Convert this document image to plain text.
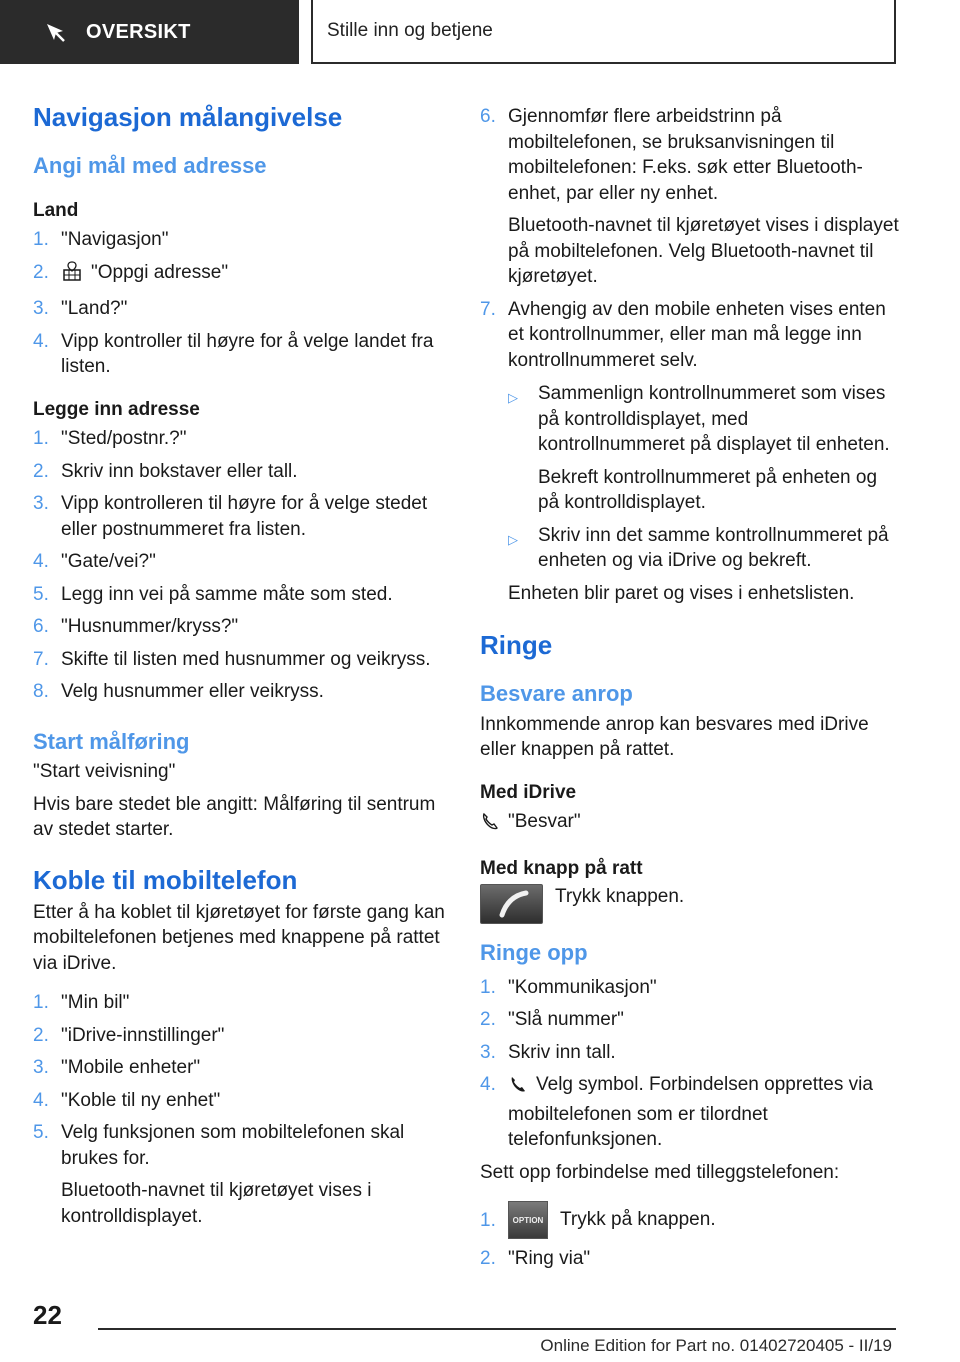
OVERSIKT	Stille inn og betjene
Navigasjon målangivelse
Angi mål med adresse
Land
1. "Navigasjon"
2.	"Oppgi adresse"
3. "Land?"
4. Vipp kontroller til høyre for å velge landet fra listen.
Legge inn adresse
1. "Sted/postnr.?"
2. Skriv inn bokstaver eller tall.
3. Vipp kontrolleren til høyre for å velge stedet eller postnummeret fra listen.
4. "Gate/vei?"
5. Legg inn vei på samme måte som sted.
6. "Husnummer/kryss?"
7. Skifte til listen med husnummer og veikryss.
8. Velg husnummer eller veikryss.
Start målføring

"Start veivisning"

Hvis bare stedet ble angitt: Målføring til sentrum av stedet starter.

Koble til mobiltelefon

Etter å ha koblet til kjøretøyet for første gang kan mobiltelefonen betjenes med knappene på rattet via iDrive.

1. "Min bil"
2. "iDrive-innstillinger"
3. "Mobile enheter"
4. "Koble til ny enhet"
5. Velg funksjonen som mobiltelefonen skal brukes for.
Bluetooth-navnet til kjøretøyet vises i kontrolldisplayet.
6. Gjennomfør flere arbeidstrinn på mobiltelefonen, se bruksanvisningen til mobiltelefonen: F.eks. søk etter Bluetooth-enhet, par eller ny enhet.
Bluetooth-navnet til kjøretøyet vises i displayet på mobiltelefonen. Velg Bluetooth-navnet til kjøretøyet.
7. Avhengig av den mobile enheten vises enten et kontrollnummer, eller man må legge inn kontrollnummeret selv.
▷	Sammenlign kontrollnummeret som vises på kontrolldisplayet, med kontrollnummeret på displayet til enheten.
Bekreft kontrollnummeret på enheten og på kontrolldisplayet.
▷	Skriv inn det samme kontrollnummeret på enheten og via iDrive og bekreft.
Enheten blir paret og vises i enhetslisten.
Ringe
Besvare anrop

Innkommende anrop kan besvares med iDrive eller knappen på rattet.

Med iDrive

"Besvar"

Med knapp på ratt
Trykk knappen.
Ringe opp
1. "Kommunikasjon"
2. "Slå nummer"
3. Skriv inn tall.
4.	Velg symbol. Forbindelsen opprettes via mobiltelefonen som er tilordnet telefonfunksjonen.

Sett opp forbindelse med tilleggstelefonen:

1.	OPTION Trykk på knappen.
2. "Ring via"
22
Online Edition for Part no. 01402720405 - II/19
